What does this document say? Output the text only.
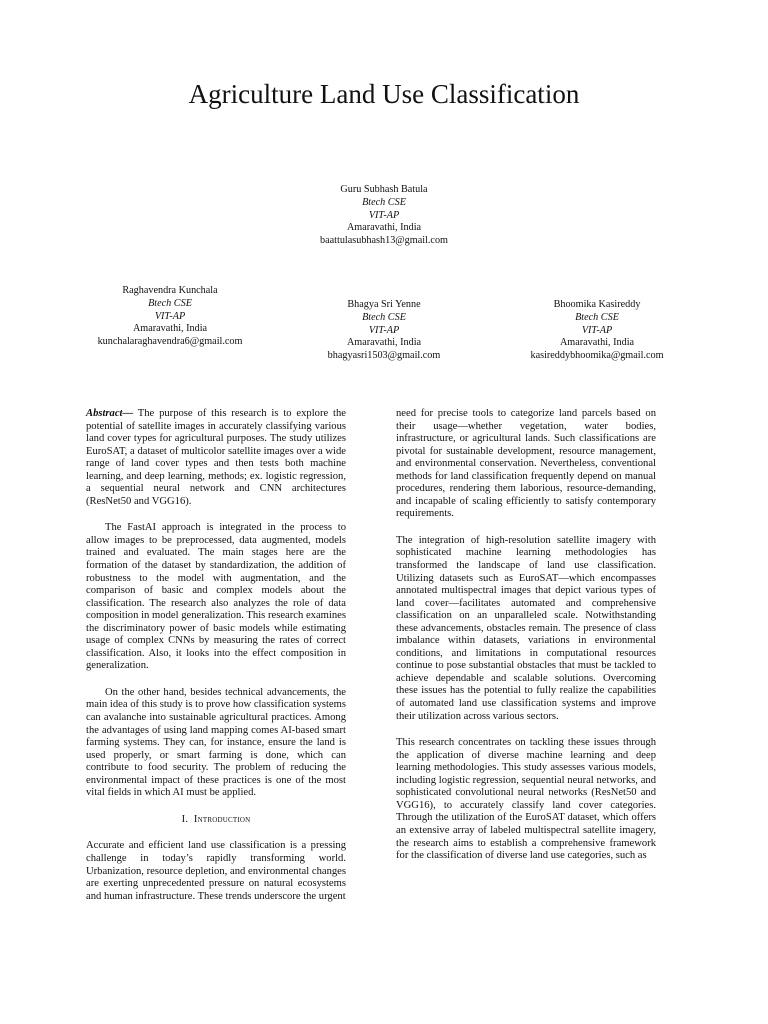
Agriculture Land Use Classification
Guru Subhash Batula
Btech CSE
VIT-AP
Amaravathi, India
baattulasubhash13@gmail.com
Raghavendra Kunchala
Btech CSE
VIT-AP
Amaravathi, India
kunchalaraghavendra6@gmail.com
Bhagya Sri Yenne
Btech CSE
VIT-AP
Amaravathi, India
bhagyasri1503@gmail.com
Bhoomika Kasireddy
Btech CSE
VIT-AP
Amaravathi, India
kasireddybhoomika@gmail.com

Abstract— The purpose of this research is to explore the potential of satellite images in accurately classifying various land cover types for agricultural purposes. The study utilizes EuroSAT, a dataset of multicolor satellite images over a wide range of land cover types and then tests both machine learning, and deep learning, methods; ex. logistic regression, a sequential neural network and CNN architectures (ResNet50 and VGG16).

The FastAI approach is integrated in the process to allow images to be preprocessed, data augmented, models trained and evaluated. The main stages here are the formation of the dataset by standardization, the addition of robustness to the model with augmentation, and the comparison of basic and complex models about the classification. The research also analyzes the role of data composition in model generalization. This research examines the discriminatory power of basic models while estimating usage of complex CNNs by measuring the rates of correct classification. Also, it looks into the effect composition in generalization.

On the other hand, besides technical advancements, the main idea of this study is to prove how classification systems can avalanche into sustainable agricultural practices. Among the advantages of using land mapping comes AI-based smart farming systems. They can, for instance, ensure the land is used properly, or smart farming is done, which can contribute to food security. The problem of reducing the environmental impact of these practices is one of the most vital fields in which AI must be applied.

I. Introduction

Accurate and efficient land use classification is a pressing challenge in today’s rapidly transforming world. Urbanization, resource depletion, and environmental changes are exerting unprecedented pressure on natural ecosystems and human infrastructure. These trends underscore the urgent

need for precise tools to categorize land parcels based on their usage—whether vegetation, water bodies, infrastructure, or agricultural lands. Such classifications are pivotal for sustainable development, resource management, and environmental conservation. Nevertheless, conventional methods for land classification frequently depend on manual procedures, rendering them laborious, resource-demanding, and incapable of scaling efficiently to satisfy contemporary requirements.

The integration of high-resolution satellite imagery with sophisticated machine learning methodologies has transformed the landscape of land use classification. Utilizing datasets such as EuroSAT—which encompasses annotated multispectral images that depict various types of land cover—facilitates automated and comprehensive classification on an unparalleled scale. Notwithstanding these advancements, obstacles remain. The presence of class imbalance within datasets, variations in environmental conditions, and limitations in computational resources continue to pose substantial obstacles that must be tackled to achieve dependable and scalable solutions. Overcoming these issues has the potential to fully realize the capabilities of automated land use classification systems and improve their utilization across various sectors.

This research concentrates on tackling these issues through the application of diverse machine learning and deep learning methodologies. This study assesses various models, including logistic regression, sequential neural networks, and sophisticated convolutional neural networks (ResNet50 and VGG16), to accurately classify land cover categories. Through the utilization of the EuroSAT dataset, which offers an extensive array of labeled multispectral satellite imagery, the research aims to establish a comprehensive framework for the classification of diverse land use categories, such as
